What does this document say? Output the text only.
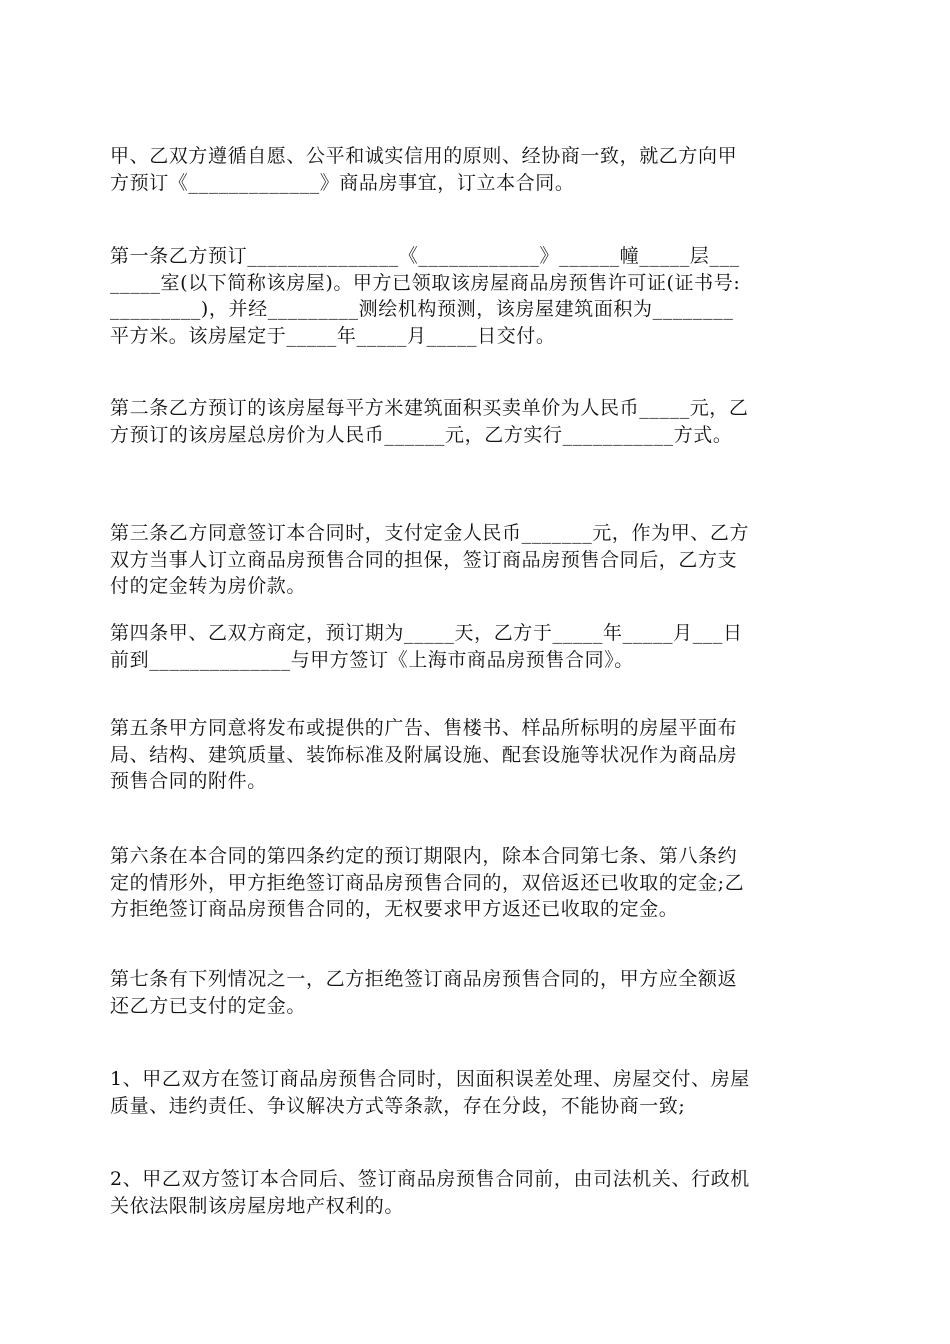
甲、乙双方遵循自愿、公平和诚实信用的原则、经协商一致，就乙方向甲
方预订《_____________》商品房事宜，订立本合同。
第一条乙方预订_______________《____________》______幢_____层___
_____室(以下简称该房屋)。甲方已领取该房屋商品房预售许可证(证书号:
_________)，并经_________测绘机构预测，该房屋建筑面积为________
平方米。该房屋定于_____年_____月_____日交付。
第二条乙方预订的该房屋每平方米建筑面积买卖单价为人民币_____元，乙
方预订的该房屋总房价为人民币______元，乙方实行___________方式。
第三条乙方同意签订本合同时，支付定金人民币_______元，作为甲、乙方
双方当事人订立商品房预售合同的担保，签订商品房预售合同后，乙方支
付的定金转为房价款。
第四条甲、乙双方商定，预订期为_____天，乙方于_____年_____月___日
前到______________与甲方签订《上海市商品房预售合同》。
第五条甲方同意将发布或提供的广告、售楼书、样品所标明的房屋平面布
局、结构、建筑质量、装饰标准及附属设施、配套设施等状况作为商品房
预售合同的附件。
第六条在本合同的第四条约定的预订期限内，除本合同第七条、第八条约
定的情形外，甲方拒绝签订商品房预售合同的，双倍返还已收取的定金;乙
方拒绝签订商品房预售合同的，无权要求甲方返还已收取的定金。
第七条有下列情况之一，乙方拒绝签订商品房预售合同的，甲方应全额返
还乙方已支付的定金。
1、甲乙双方在签订商品房预售合同时，因面积误差处理、房屋交付、房屋
质量、违约责任、争议解决方式等条款，存在分歧，不能协商一致;
2、甲乙双方签订本合同后、签订商品房预售合同前，由司法机关、行政机
关依法限制该房屋房地产权利的。
